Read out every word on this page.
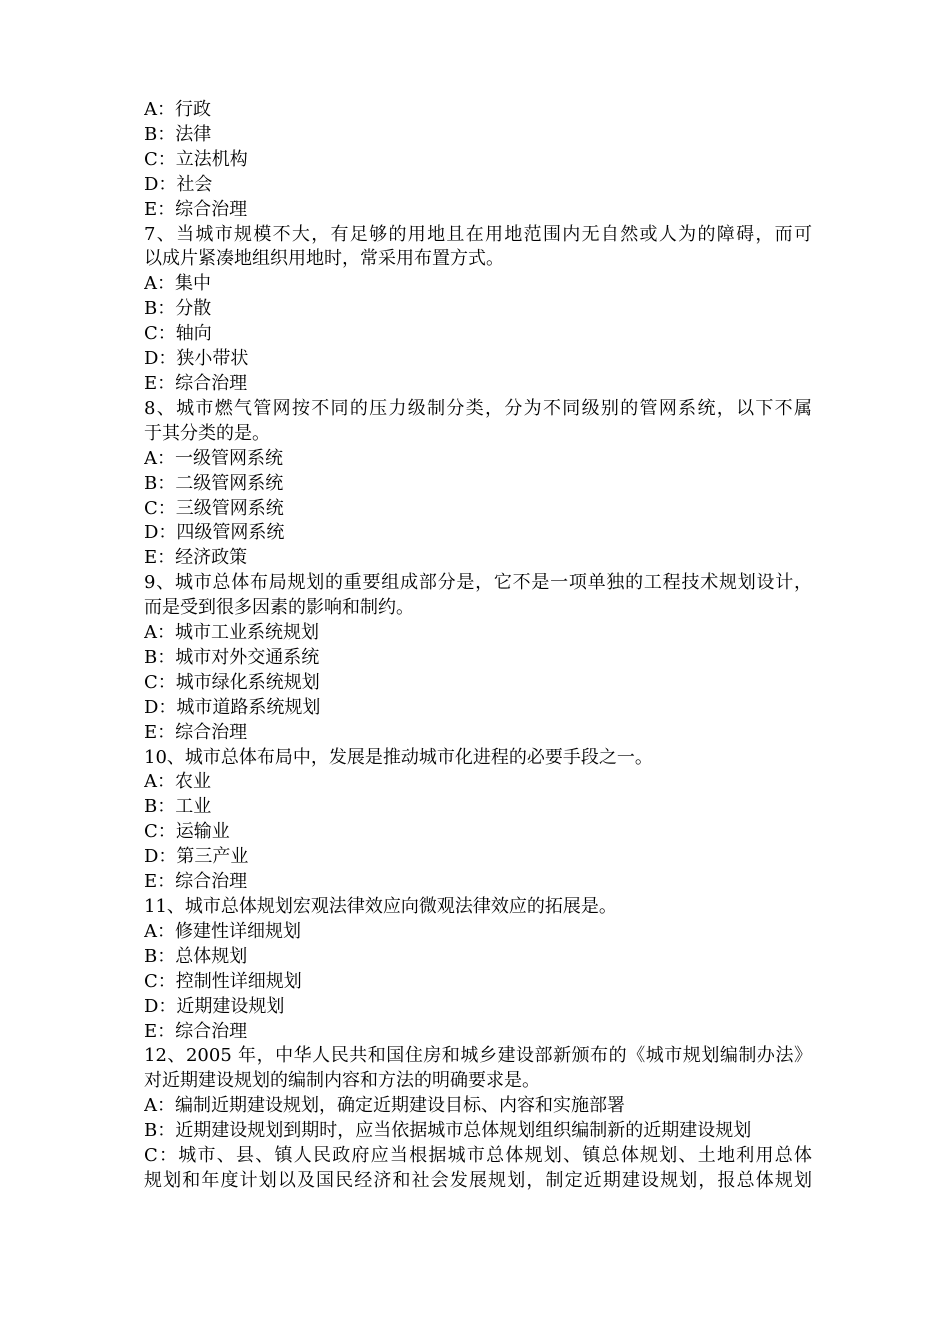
A：行政
B：法律
C：立法机构
D：社会
E：综合治理
7、当城市规模不大，有足够的用地且在用地范围内无自然或人为的障碍，而可
以成片紧凑地组织用地时，常采用布置方式。
A：集中
B：分散
C：轴向
D：狭小带状
E：综合治理
8、城市燃气管网按不同的压力级制分类，分为不同级别的管网系统，以下不属
于其分类的是。
A：一级管网系统
B：二级管网系统
C：三级管网系统
D：四级管网系统
E：经济政策
9、城市总体布局规划的重要组成部分是，它不是一项单独的工程技术规划设计，
而是受到很多因素的影响和制约。
A：城市工业系统规划
B：城市对外交通系统
C：城市绿化系统规划
D：城市道路系统规划
E：综合治理
10、城市总体布局中，发展是推动城市化进程的必要手段之一。
A：农业
B：工业
C：运输业
D：第三产业
E：综合治理
11、城市总体规划宏观法律效应向微观法律效应的拓展是。
A：修建性详细规划
B：总体规划
C：控制性详细规划
D：近期建设规划
E：综合治理
12、2005 年，中华人民共和国住房和城乡建设部新颁布的《城市规划编制办法》
对近期建设规划的编制内容和方法的明确要求是。
A：编制近期建设规划，确定近期建设目标、内容和实施部署
B：近期建设规划到期时，应当依据城市总体规划组织编制新的近期建设规划
C：城市、县、镇人民政府应当根据城市总体规划、镇总体规划、土地利用总体
规划和年度计划以及国民经济和社会发展规划，制定近期建设规划，报总体规划
